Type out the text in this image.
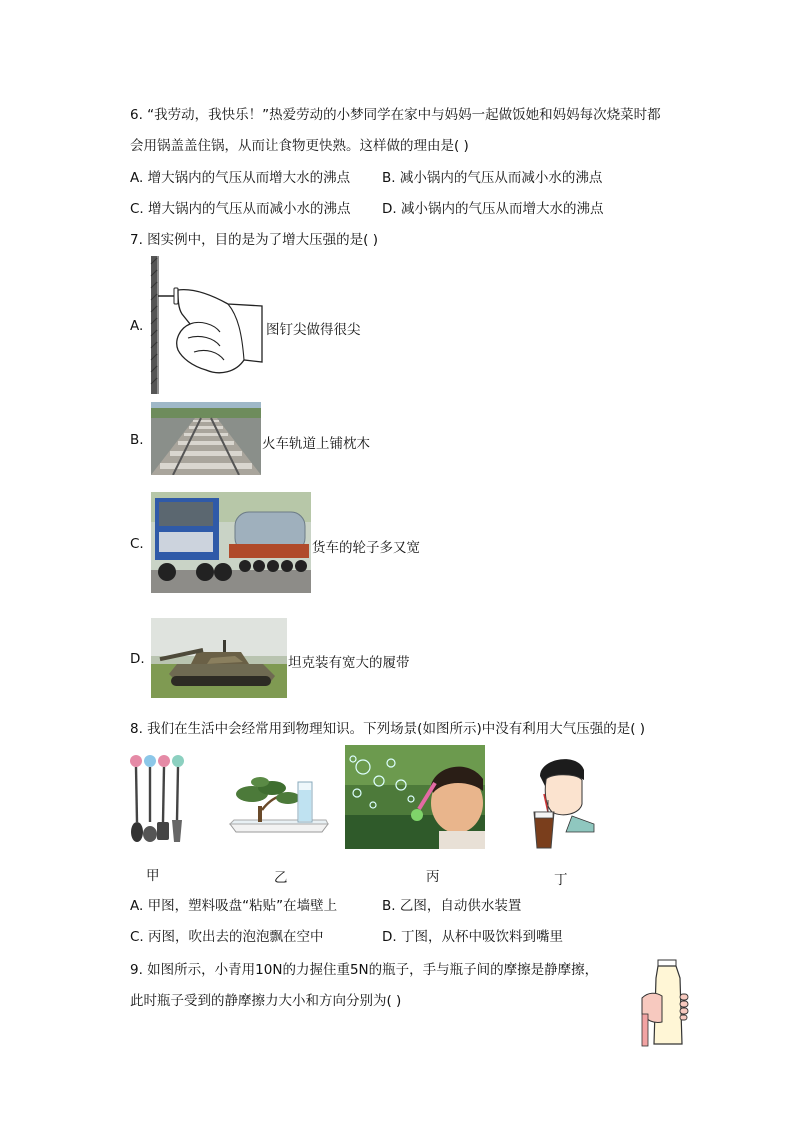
6. “我劳动，我快乐！”热爱劳动的小梦同学在家中与妈妈一起做饭她和妈妈每次烧菜时都
会用锅盖盖住锅，从而让食物更快熟。这样做的理由是( )
A. 增大锅内的气压从而增大水的沸点 B. 减小锅内的气压从而减小水的沸点
C. 增大锅内的气压从而减小水的沸点 D. 减小锅内的气压从而增大水的沸点
7. 图实例中，目的是为了增大压强的是( )
A.	图钉尖做得很尖
B.	火车轨道上铺枕木
C.	货车的轮子多又宽
D.	坦克装有宽大的履带
8. 我们在生活中会经常用到物理知识。下列场景(如图所示)中没有利用大气压强的是( )
甲	乙	丙	丁
A. 甲图，塑料吸盘“粘贴”在墙壁上	B. 乙图，自动供水装置
C. 丙图，吹出去的泡泡飘在空中	D. 丁图，从杯中吸饮料到嘴里
9. 如图所示，小青用10N的力握住重5N的瓶子，手与瓶子间的摩擦是静摩擦，
此时瓶子受到的静摩擦力大小和方向分别为( )
